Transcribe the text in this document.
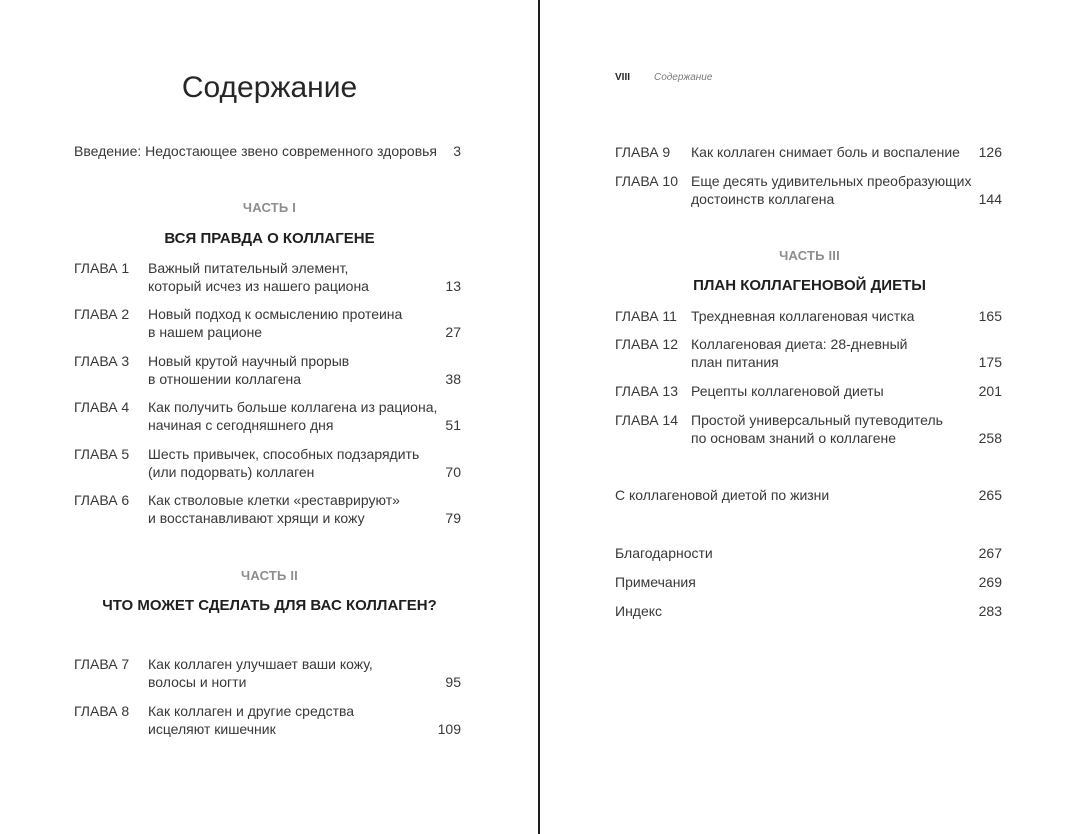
Содержание
Введение: Недостающее звено современного здоровья	3
ЧАСТЬ I
ВСЯ ПРАВДА О КОЛЛАГЕНЕ
ГЛАВА 1 Важный питательный элемент,
который исчез из нашего рациона	13
ГЛАВА 2 Новый подход к осмыслению протеина
в нашем рационе	27
ГЛАВА 3 Новый крутой научный прорыв
в отношении коллагена	38
ГЛАВА 4 Как получить больше коллагена из рациона,
начиная с сегодняшнего дня	51
ГЛАВА 5 Шесть привычек, способных подзарядить
(или подорвать) коллаген	70
ГЛАВА 6 Как стволовые клетки «реставрируют»
и восстанавливают хрящи и кожу	79
ЧАСТЬ II
ЧТО МОЖЕТ СДЕЛАТЬ ДЛЯ ВАС КОЛЛАГЕН?
ГЛАВА 7 Как коллаген улучшает ваши кожу,
волосы и ногти	95
ГЛАВА 8 Как коллаген и другие средства
исцеляют кишечник	109
VIII Содержание
ГЛАВА 9 Как коллаген снимает боль и воспаление	126
ГЛАВА 10 Еще десять удивительных преобразующих
достоинств коллагена	144
ЧАСТЬ III
ПЛАН КОЛЛАГЕНОВОЙ ДИЕТЫ
ГЛАВА 11 Трехдневная коллагеновая чистка	165
ГЛАВА 12 Коллагеновая диета: 28-дневный
план питания	175
ГЛАВА 13 Рецепты коллагеновой диеты	201
ГЛАВА 14 Простой универсальный путеводитель
по основам знаний о коллагене	258
С коллагеновой диетой по жизни	265
Благодарности	267
Примечания	269
Индекс	283
